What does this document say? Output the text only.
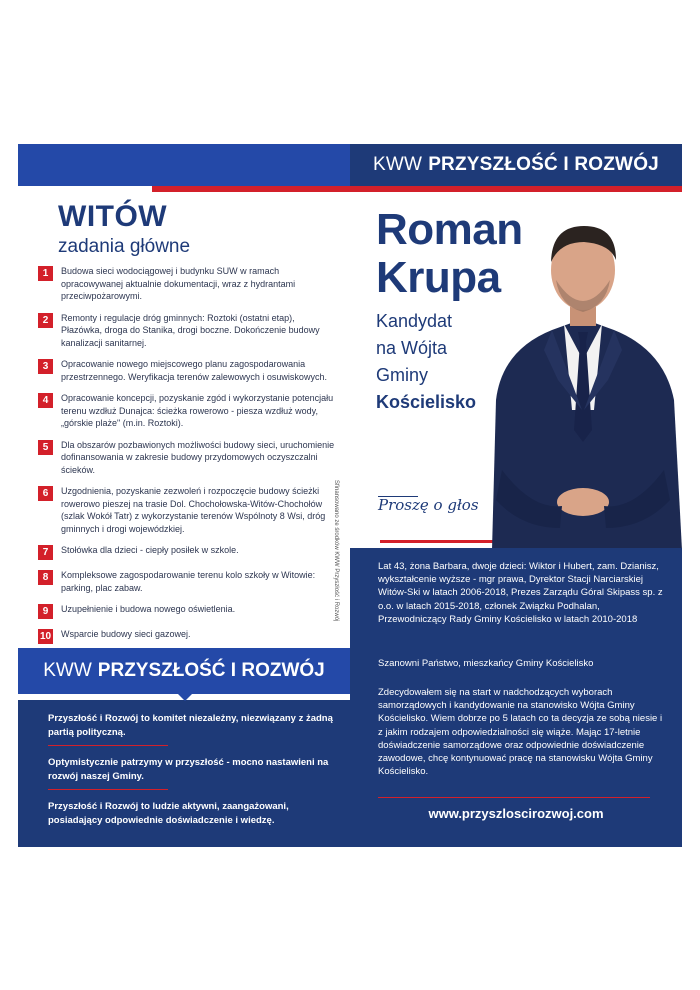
KWW PRZYSZŁOŚĆ I ROZWÓJ
WITÓW
zadania główne
1	Budowa sieci wodociągowej i budynku SUW w ramach opracowywanej aktualnie dokumentacji, wraz z hydrantami przeciwpożarowymi.
2	Remonty i regulacje dróg gminnych: Roztoki (ostatni etap), Płazówka, droga do Stanika, drogi boczne. Dokończenie budowy kanalizacji sanitarnej.
3	Opracowanie nowego miejscowego planu zagospodarowania przestrzennego. Weryfikacja terenów zalewowych i osuwiskowych.
4	Opracowanie koncepcji, pozyskanie zgód i wykorzystanie potencjału terenu wzdłuż Dunajca: ścieżka rowerowo - piesza wzdłuż wody, „górskie plaże" (m.in. Roztoki).
5	Dla obszarów pozbawionych możliwości budowy sieci, uruchomienie dofinansowania w zakresie budowy przydomowych oczyszczalni ścieków.
6	Uzgodnienia, pozyskanie zezwoleń i rozpoczęcie budowy ścieżki rowerowo pieszej na trasie Dol. Chochołowska-Witów-Chochołów (szlak Wokół Tatr) z wykorzystanie terenów Wspólnoty 8 Wsi, dróg gminnych i drogi wojewódzkiej.
7	Stołówka dla dzieci - ciepły posiłek w szkole.
8	Kompleksowe zagospodarowanie terenu kolo szkoły w Witowie: parking, plac zabaw.
9	Uzupełnienie i budowa nowego oświetlenia.
10 Wsparcie budowy sieci gazowej.
Sfinansowano ze środków KWW Przyszłość i Rozwój
KWW PRZYSZŁOŚĆ I ROZWÓJ
Przyszłość i Rozwój to komitet niezależny, niezwiązany z żadną partią polityczną.
Optymistycznie patrzymy w przyszłość - mocno nastawieni na rozwój naszej Gminy.
Przyszłość i Rozwój to ludzie aktywni, zaangażowani, posiadający odpowiednie doświadczenie i wiedzę.
Roman
Krupa
Kandydat
na Wójta
Gminy
Kościelisko
Proszę o głos
Lat 43, żona Barbara, dwoje dzieci: Wiktor i Hubert, zam. Dzianisz, wykształcenie wyższe - mgr prawa, Dyrektor Stacji Narciarskiej Witów-Ski w latach 2006-2018, Prezes Zarządu Góral Skipass sp. z o.o. w latach 2015-2018, członek Związku Podhalan, Przewodniczący Rady Gminy Kościelisko w latach 2010-2018
Szanowni Państwo, mieszkańcy Gminy Kościelisko
Zdecydowałem się na start w nadchodzących wyborach samorządowych i kandydowanie na stanowisko Wójta Gminy Kościelisko. Wiem dobrze po 5 latach co ta decyzja ze sobą niesie i z jakim rodzajem odpowiedzialności się wiąże. Mając 17-letnie doświadczenie samorządowe oraz odpowiednie doświadczenie zawodowe, chcę kontynuować pracę na stanowisku Wójta Gminy Kościelisko.
www.przyszloscirozwoj.com
